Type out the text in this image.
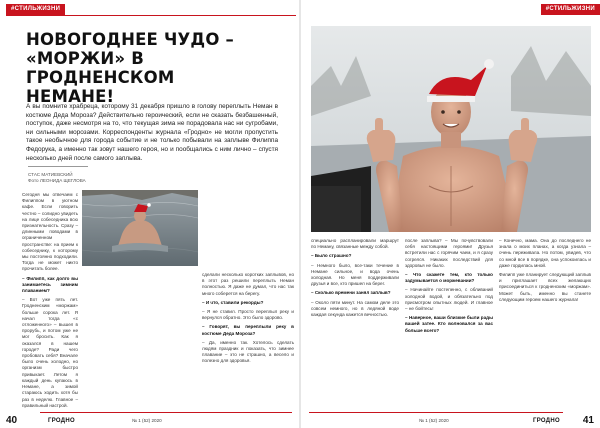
#СТИЛЬЖИЗНИ
НОВОГОДНЕЕ ЧУДО –
«МОРЖИ» В ГРОДНЕНСКОМ
НЕМАНЕ!
А вы помните храбреца, которому 31 декабря пришло в голову переплыть Неман в костюме Деда Мороза? Действительно героический, если не сказать безбашенный, поступок, даже несмотря на то, что текущая зима не порадовала нас ни сугробами, ни сильными морозами. Корреспонденты журнала «Гродно» не могли пропустить такое необычное для города событие и не только побывали на заплыве Филиппа Федорука, а именно так зовут нашего героя, но и пообщались с ним лично – спустя несколько дней после самого заплыва.
СТАС МАТИЕВСКИЙ
Фото ЛЕОНИДА ЩЕГЛОВА

Сегодня мы отвечаем с Филиппом в уютном кафе. Если говорить честно – солидно увидеть на лице собеседника всю признательность. Сразу – длинными поводами в ограниченном пространстве: на прием к собеседнику, к которому мы постоянно подходили. Тогда не может никто прочитать более.

– Филипп, как долго вы занимаетесь зимним плаванием?

– Вот уже пять лет. Гродненским «моржам» больше сорока лет. Я начал тогда «с отложенного» – вышел в прорубь, и потом уже не мог бросить. Как я оказался в нашем городе? Ради чего пробовать себя? Вначале было очень холодно, но организм быстро привыкает. Летом я каждый день купаюсь в Немане, а зимой стараюсь ходить хотя бы раз в неделю. Главное – правильный настрой.

сделали несколько коротких заплывов, но в этот раз решили переплыть Неман полностью. Я даже не думал, что нас так много соберется на берегу.

– И что, ставили рекорды?

– Я не ставил. Просто переплыл реку и вернулся обратно. Это было здорово.

– Говорят, вы переплыли реку в костюме Деда Мороза?

– Да, именно так. Хотелось сделать людям праздник и показать, что зимнее плавание – это не страшно, а весело и полезно для здоровья.

40	ГРОДНО	№ 1 (52) 2020
#СТИЛЬЖИЗНИ

специально распланировали маршрут по Неману, связанные между собой.

– Было страшно?

– Немного было, все-таки течение в Немане сильное, и вода очень холодная. Но меня поддерживали друзья и все, кто пришел на берег.

– Сколько времени занял заплыв?

– Около пяти минут. На самом деле это совсем немного, но в ледяной воде каждая секунда кажется вечностью.

после заплыва? – Мы почувствовали себя настоящими героями! Друзья встретили нас с горячим чаем, и я сразу согрелся. Никаких последствий для здоровья не было.

– Что скажете тем, кто только задумывается о моржевании?

– Начинайте постепенно, с обливаний холодной водой, и обязательно под присмотром опытных людей. И главное – не бойтесь!

– Наверное, ваши близкие были рады вашей затее. Кто волновался за вас больше всего?

– Конечно, мама. Она до последнего не знала о моих планах, а когда узнала – очень переживала. Но потом, увидев, что со мной все в порядке, она успокоилась и даже гордилась мной.

Филипп уже планирует следующий заплыв и приглашает всех желающих присоединиться к гродненским «моржам». Может быть, именно вы станете следующим героем нашего журнала!

№ 1 (52) 2020	ГРОДНО 41
